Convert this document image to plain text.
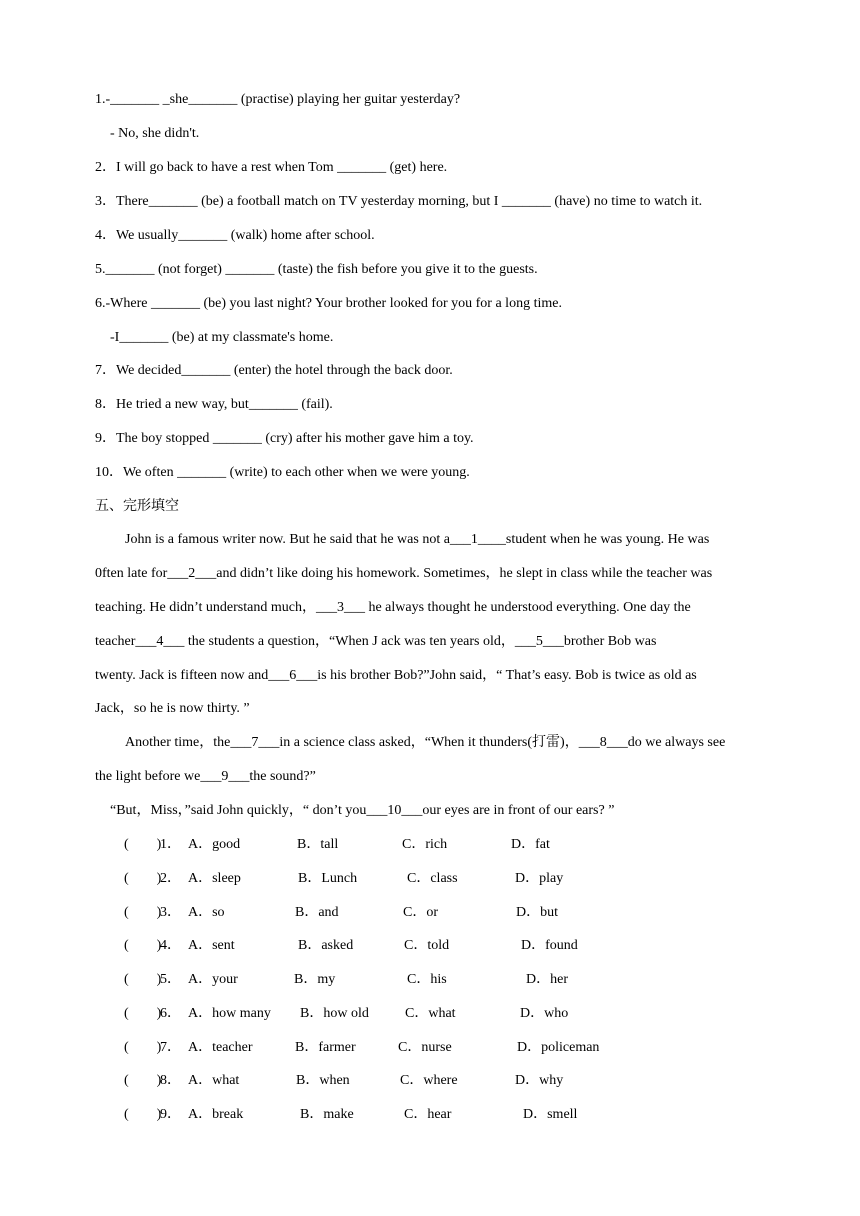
1.-_______ _she_______ (practise) playing her guitar yesterday?
- No, she didn't.
2．I will go back to have a rest when Tom _______ (get) here.
3．There_______ (be) a football match on TV yesterday morning, but I _______ (have) no time to watch it.
4．We usually_______ (walk) home after school.
5._______ (not forget) _______ (taste) the fish before you give it to the guests.
6.-Where _______ (be) you last night? Your brother looked for you for a long time.
-I_______ (be) at my classmate's home.
7．We decided_______ (enter) the hotel through the back door.
8．He tried a new way, but_______ (fail).
9．The boy stopped _______ (cry) after his mother gave him a toy.
10．We often _______ (write) to each other when we were young.
五、完形填空
John is a famous writer now. But he said that he was not a___1____student when he was young. He was
0ften late for___2___and didn’t like doing his homework. Sometimes，he slept in class while the teacher was
teaching. He didn’t understand much，___3___ he always thought he understood everything. One day the
teacher___4___ the students a question，“When J ack was ten years old，___5___brother Bob was
twenty. Jack is fifteen now and___6___is his brother Bob?”John said，“ That’s easy. Bob is twice as old as
Jack，so he is now thirty. ”
Another time，the___7___in a science class asked，“When it thunders(打雷)，___8___do we always see
the light before we___9___the sound?”
“But，Miss，”said John quickly，“ don’t you___10___our eyes are in front of our ears? ”
(　　)
1． A．good	B．tall	C．rich	D．fat
(　　)
2． A．sleep	B．Lunch	C．class	D．play
(　　)
3． A．so	B．and	C．or	D．but
(　　)
4． A．sent	B．asked	C．told	D．found
(　　)
5． A．your	B．my	C．his	D．her
(　　)
6． A．how many B．how old	C．what	D．who
(　　)
7． A．teacher	B．farmer	C．nurse	D．policeman
(　　)
8． A．what	B．when	C．where	D．why
(　　)
9． A．break	B．make	C．hear	D．smell
